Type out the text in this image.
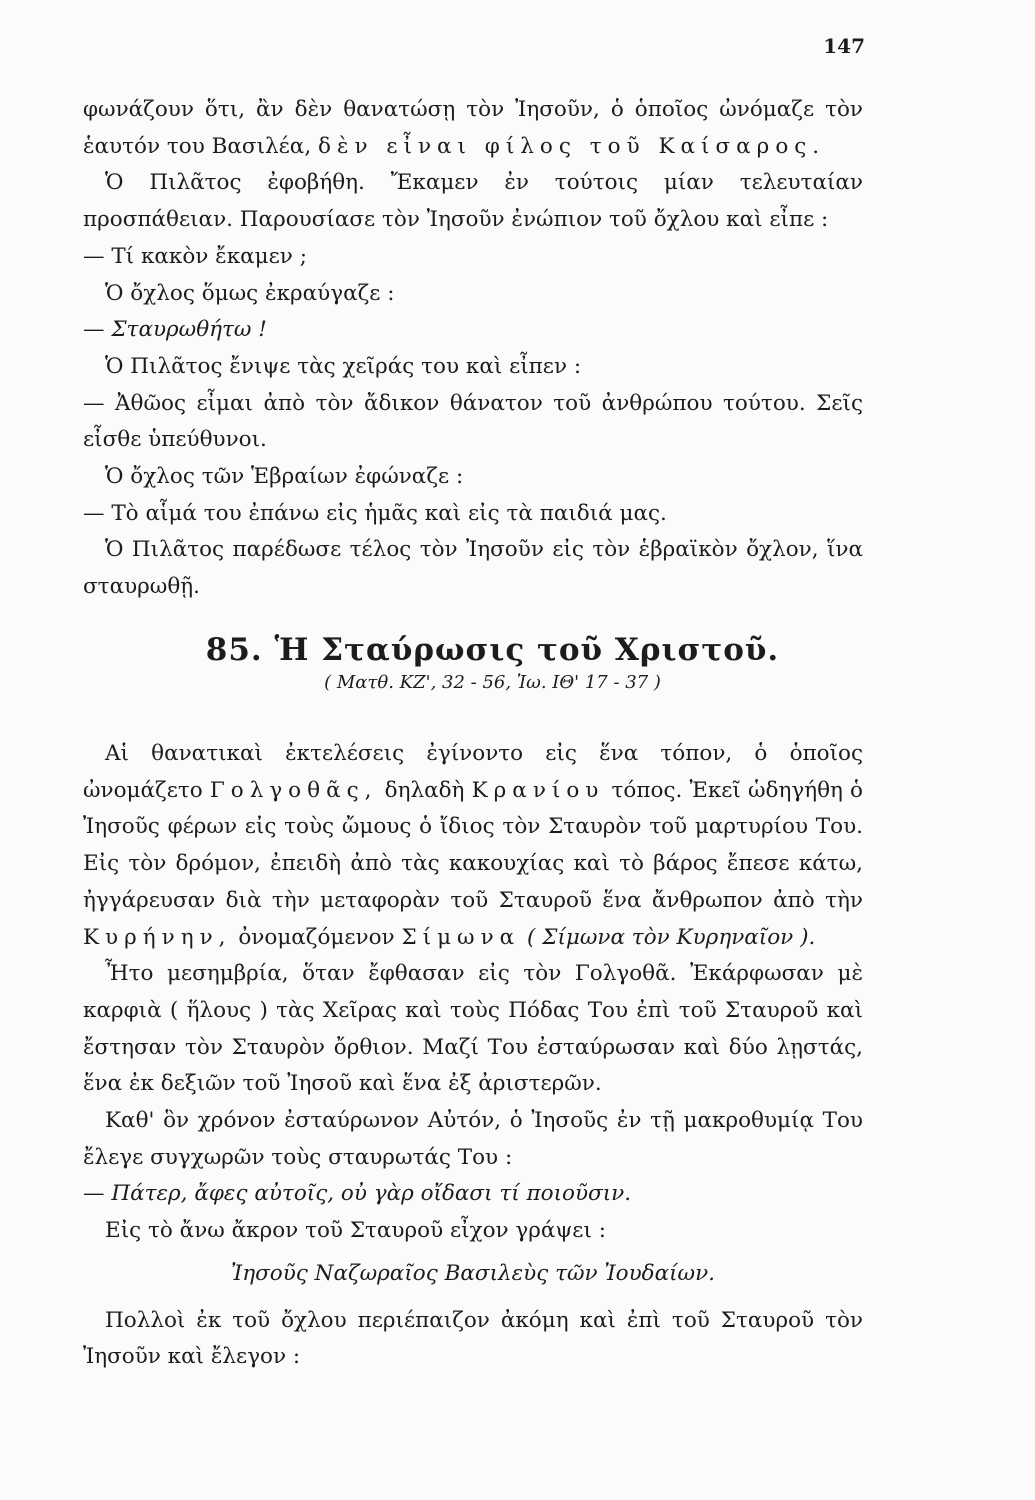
147

φωνάζουν ὅτι, ἂν δὲν θανατώσῃ τὸν Ἰησοῦν, ὁ ὁποῖος ὠνόμαζε τὸν ἑαυτόν του Βασιλέα, δὲν εἶναι φίλος τοῦ Καίσαρος.

Ὁ Πιλᾶτος ἐφοβήθη. Ἔκαμεν ἐν τούτοις μίαν τελευταίαν προσπάθειαν. Παρουσίασε τὸν Ἰησοῦν ἐνώπιον τοῦ ὄχλου καὶ εἶπε :

— Τί κακὸν ἔκαμεν ;

Ὁ ὄχλος ὅμως ἐκραύγαζε :

— Σταυρωθήτω !

Ὁ Πιλᾶτος ἔνιψε τὰς χεῖράς του καὶ εἶπεν :

— Ἀθῶος εἶμαι ἀπὸ τὸν ἄδικον θάνατον τοῦ ἀνθρώπου τούτου. Σεῖς εἶσθε ὑπεύθυνοι.

Ὁ ὄχλος τῶν Ἑβραίων ἐφώναζε :

— Τὸ αἷμά του ἐπάνω εἰς ἡμᾶς καὶ εἰς τὰ παιδιά μας.

Ὁ Πιλᾶτος παρέδωσε τέλος τὸν Ἰησοῦν εἰς τὸν ἑβραϊκὸν ὄχλον, ἵνα σταυρωθῇ.

85. Ἡ Σταύρωσις τοῦ Χριστοῦ.
( Ματθ. ΚΖ', 32 - 56, Ἰω. ΙΘ' 17 - 37 )

Αἱ θανατικαὶ ἐκτελέσεις ἐγίνοντο εἰς ἕνα τόπον, ὁ ὁποῖος ὠνομάζετο Γολγοθᾶς, δηλαδὴ Κρανίου τόπος. Ἐκεῖ ὡδηγήθη ὁ Ἰησοῦς φέρων εἰς τοὺς ὤμους ὁ ἴδιος τὸν Σταυρὸν τοῦ μαρτυρίου Του. Εἰς τὸν δρόμον, ἐπειδὴ ἀπὸ τὰς κακουχίας καὶ τὸ βάρος ἔπεσε κάτω, ἠγγάρευσαν διὰ τὴν μεταφορὰν τοῦ Σταυροῦ ἕνα ἄνθρωπον ἀπὸ τὴν Κυρήνην, ὀνομαζόμενον Σίμωνα ( Σίμωνα τὸν Κυρηναῖον ).

Ἦτο μεσημβρία, ὅταν ἔφθασαν εἰς τὸν Γολγοθᾶ. Ἐκάρφωσαν μὲ καρφιὰ ( ἥλους ) τὰς Χεῖρας καὶ τοὺς Πόδας Του ἐπὶ τοῦ Σταυροῦ καὶ ἔστησαν τὸν Σταυρὸν ὄρθιον. Μαζί Του ἐσταύρωσαν καὶ δύο λῃστάς, ἕνα ἐκ δεξιῶν τοῦ Ἰησοῦ καὶ ἕνα ἐξ ἀριστερῶν.

Καθ' ὃν χρόνον ἐσταύρωνον Αὐτόν, ὁ Ἰησοῦς ἐν τῇ μακροθυμίᾳ Του ἔλεγε συγχωρῶν τοὺς σταυρωτάς Του :

— Πάτερ, ἄφες αὐτοῖς, οὐ γὰρ οἴδασι τί ποιοῦσιν.

Εἰς τὸ ἄνω ἄκρον τοῦ Σταυροῦ εἶχον γράψει :

Ἰησοῦς Ναζωραῖος Βασιλεὺς τῶν Ἰουδαίων.

Πολλοὶ ἐκ τοῦ ὄχλου περιέπαιζον ἀκόμη καὶ ἐπὶ τοῦ Σταυροῦ τὸν Ἰησοῦν καὶ ἔλεγον :
